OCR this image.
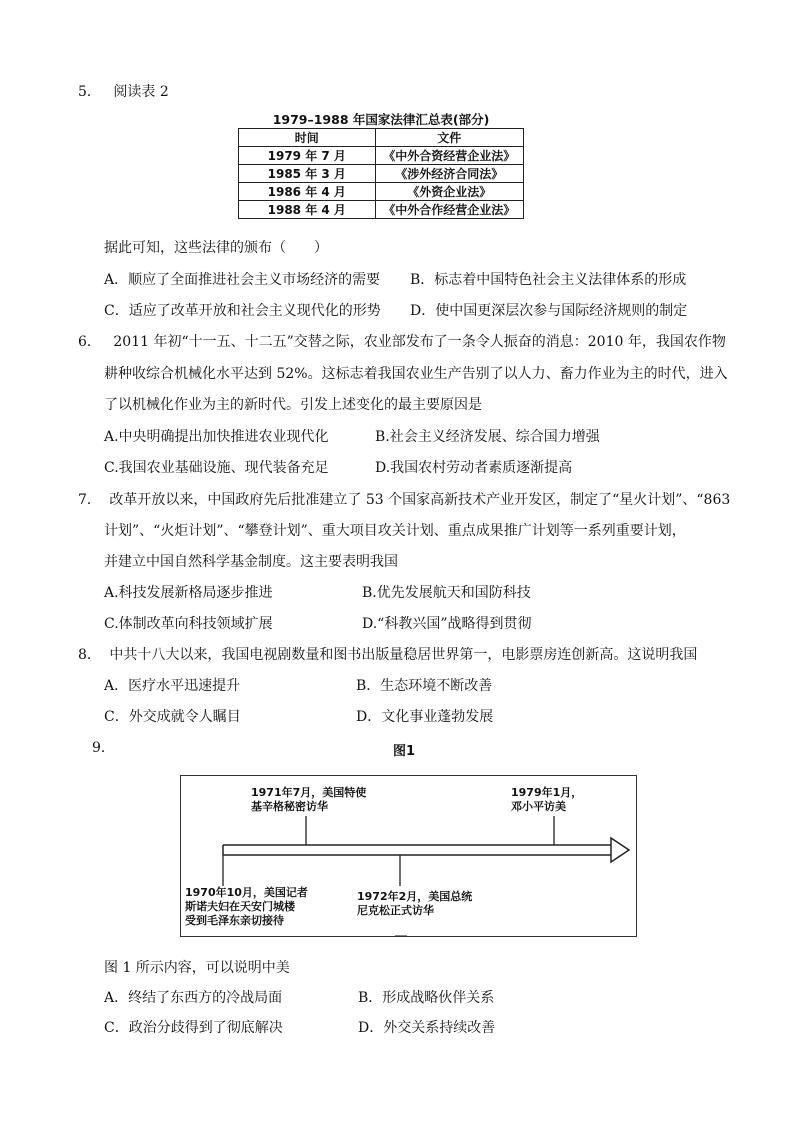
5． 阅读表 2
1979–1988 年国家法律汇总表(部分)
时间	文件
1979 年 7 月	《中外合资经营企业法》
1985 年 3 月	《涉外经济合同法》
1986 年 4 月	《外资企业法》
1988 年 4 月	《中外合作经营企业法》
据此可知，这些法律的颁布（　　）
A．顺应了全面推进社会主义市场经济的需要 B．标志着中国特色社会主义法律体系的形成
C．适应了改革开放和社会主义现代化的形势 D．使中国更深层次参与国际经济规则的制定
6． 2011 年初“十一五、十二五”交替之际，农业部发布了一条令人振奋的消息：2010 年，我国农作物
耕种收综合机械化水平达到 52%。这标志着我国农业生产告别了以人力、畜力作业为主的时代，进入
了以机械化作业为主的新时代。引发上述变化的最主要原因是
A.中央明确提出加快推进农业现代化	B.社会主义经济发展、综合国力增强
C.我国农业基础设施、现代装备充足	D.我国农村劳动者素质逐渐提高
7． 改革开放以来，中国政府先后批准建立了 53 个国家高新技术产业开发区，制定了“星火计划”、“863
计划”、“火炬计划”、“攀登计划”、重大项目攻关计划、重点成果推广计划等一系列重要计划，
并建立中国自然科学基金制度。这主要表明我国
A.科技发展新格局逐步推进	B.优先发展航天和国防科技
C.体制改革向科技领域扩展	D.“科教兴国”战略得到贯彻
8． 中共十八大以来，我国电视剧数量和图书出版量稳居世界第一，电影票房连创新高。这说明我国
A．医疗水平迅速提升	B．生态环境不断改善
C．外交成就令人瞩目	D．文化事业蓬勃发展
9．	图1
1971年7月，美国特使
基辛格秘密访华
1979年1月，
邓小平访美
1970年10月，美国记者
斯诺夫妇在天安门城楼
受到毛泽东亲切接待
1972年2月，美国总统
尼克松正式访华
图 1 所示内容，可以说明中美
A．终结了东西方的冷战局面	B．形成战略伙伴关系
C．政治分歧得到了彻底解决	D．外交关系持续改善
